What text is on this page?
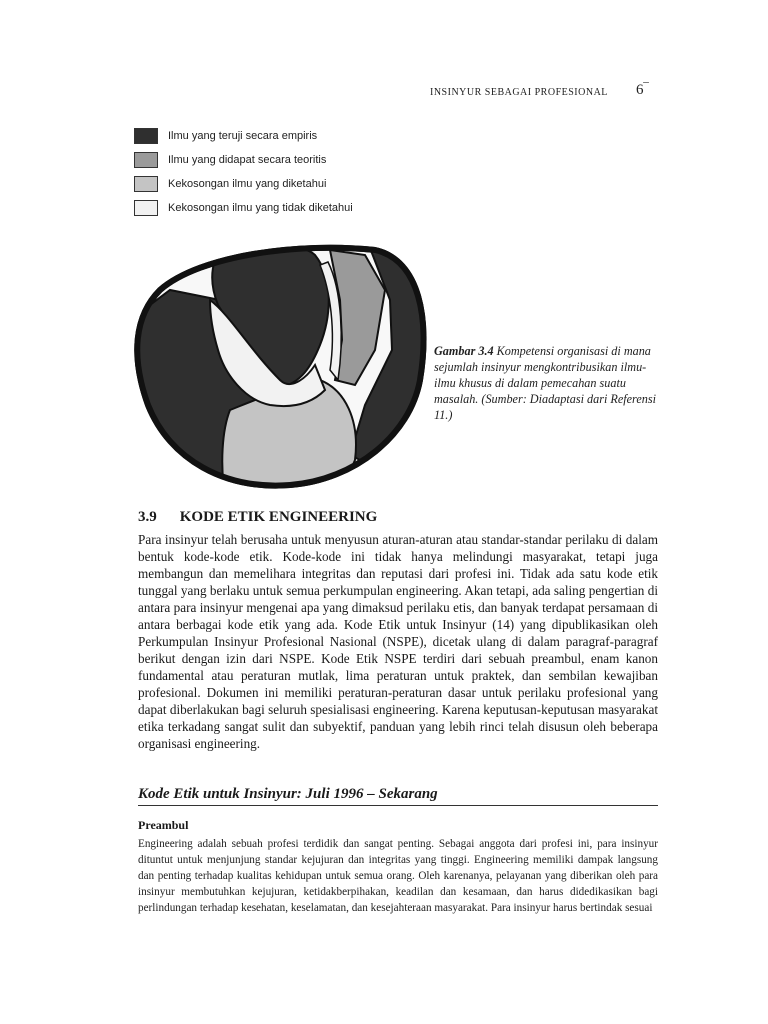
INSINYUR SEBAGAI PROFESIONAL 6‾
Ilmu yang teruji secara empiris
Ilmu yang didapat secara teoritis
Kekosongan ilmu yang diketahui
Kekosongan ilmu yang tidak diketahui
Gambar 3.4 Kompetensi organisasi di mana sejumlah insinyur mengkontribusikan ilmu-ilmu khusus di dalam pemecahan suatu masalah. (Sumber: Diadaptasi dari Referensi 11.)
3.9 KODE ETIK ENGINEERING
Para insinyur telah berusaha untuk menyusun aturan-aturan atau standar-standar perilaku di dalam bentuk kode-kode etik. Kode-kode ini tidak hanya melindungi masyarakat, tetapi juga membangun dan memelihara integritas dan reputasi dari profesi ini. Tidak ada satu kode etik tunggal yang berlaku untuk semua perkumpulan engineering. Akan tetapi, ada saling pengertian di antara para insinyur mengenai apa yang dimaksud perilaku etis, dan banyak terdapat persamaan di antara berbagai kode etik yang ada. Kode Etik untuk Insinyur (14) yang dipublikasikan oleh Perkumpulan Insinyur Profesional Nasional (NSPE), dicetak ulang di dalam paragraf-paragraf berikut dengan izin dari NSPE. Kode Etik NSPE terdiri dari sebuah preambul, enam kanon fundamental atau peraturan mutlak, lima peraturan untuk praktek, dan sembilan kewajiban profesional. Dokumen ini memiliki peraturan-peraturan dasar untuk perilaku profesional yang dapat diberlakukan bagi seluruh spesialisasi engineering. Karena keputusan-keputusan masyarakat etika terkadang sangat sulit dan subyektif, panduan yang lebih rinci telah disusun oleh beberapa organisasi engineering.
Kode Etik untuk Insinyur: Juli 1996 – Sekarang
Preambul
Engineering adalah sebuah profesi terdidik dan sangat penting. Sebagai anggota dari profesi ini, para insinyur dituntut untuk menjunjung standar kejujuran dan integritas yang tinggi. Engineering memiliki dampak langsung dan penting terhadap kualitas kehidupan untuk semua orang. Oleh karenanya, pelayanan yang diberikan oleh para insinyur membutuhkan kejujuran, ketidakberpihakan, keadilan dan kesamaan, dan harus didedikasikan bagi perlindungan terhadap kesehatan, keselamatan, dan kesejahteraan masyarakat. Para insinyur harus bertindak sesuai
